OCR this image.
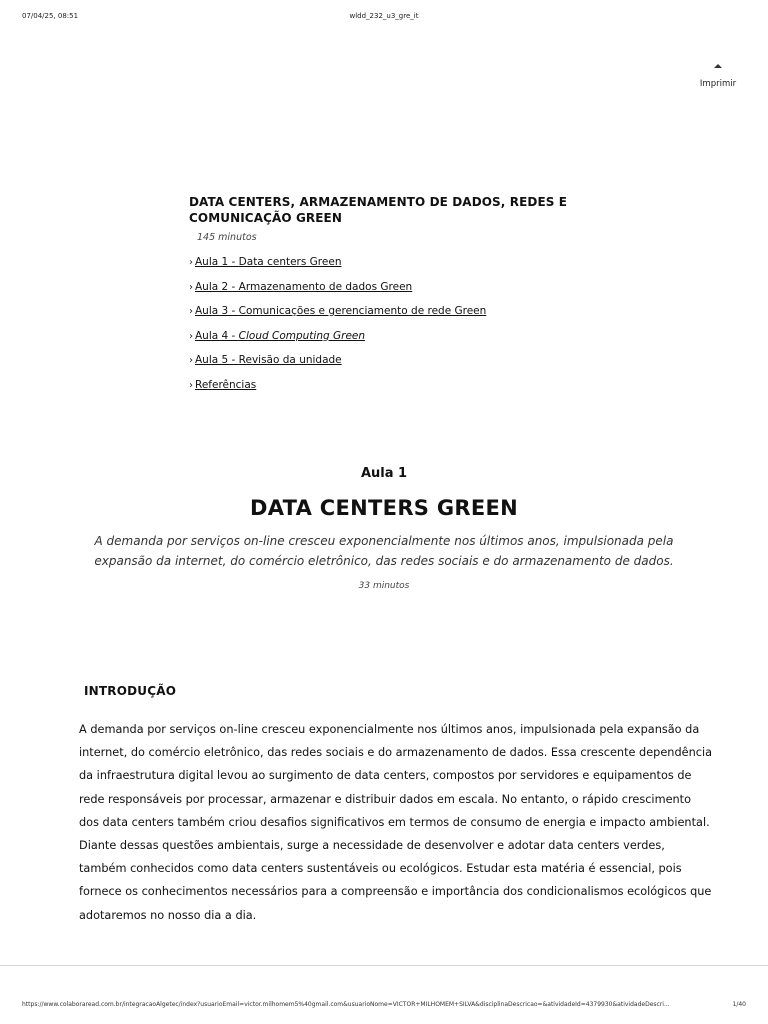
07/04/25, 08:51	wldd_232_u3_gre_it
Imprimir
DATA CENTERS, ARMAZENAMENTO DE DADOS, REDES E COMUNICAÇÃO GREEN
145 minutos
› Aula 1 - Data centers Green
› Aula 2 - Armazenamento de dados Green
› Aula 3 - Comunicações e gerenciamento de rede Green
› Aula 4 - Cloud Computing Green
› Aula 5 - Revisão da unidade
› Referências
Aula 1
DATA CENTERS GREEN
A demanda por serviços on-line cresceu exponencialmente nos últimos anos, impulsionada pela expansão da internet, do comércio eletrônico, das redes sociais e do armazenamento de dados.
33 minutos
INTRODUÇÃO
A demanda por serviços on-line cresceu exponencialmente nos últimos anos, impulsionada pela expansão da internet, do comércio eletrônico, das redes sociais e do armazenamento de dados. Essa crescente dependência da infraestrutura digital levou ao surgimento de data centers, compostos por servidores e equipamentos de rede responsáveis por processar, armazenar e distribuir dados em escala. No entanto, o rápido crescimento dos data centers também criou desafios significativos em termos de consumo de energia e impacto ambiental. Diante dessas questões ambientais, surge a necessidade de desenvolver e adotar data centers verdes, também conhecidos como data centers sustentáveis ou ecológicos. Estudar esta matéria é essencial, pois fornece os conhecimentos necessários para a compreensão e importância dos condicionalismos ecológicos que adotaremos no nosso dia a dia.
https://www.colaboraread.com.br/integracaoAlgetec/index?usuarioEmail=victor.milhomem5%40gmail.com&usuarioNome=VICTOR+MILHOMEM+SILVA&disciplinaDescricao=&atividadeId=4379930&atividadeDescri...	1/40
